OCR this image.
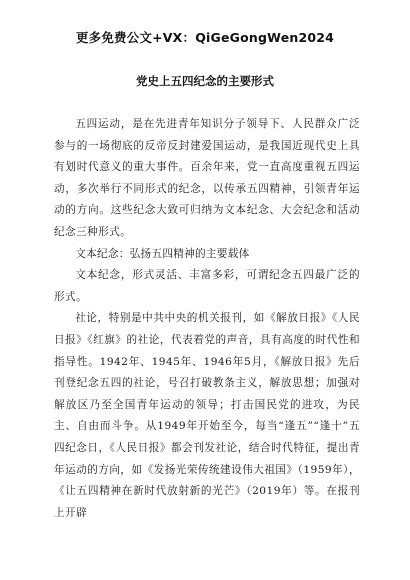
更多免费公文+VX：QiGeGongWen2024
党史上五四纪念的主要形式

五四运动，是在先进青年知识分子领导下、人民群众广泛参与的一场彻底的反帝反封建爱国运动，是我国近现代史上具有划时代意义的重大事件。百余年来，党一直高度重视五四运动，多次举行不同形式的纪念，以传承五四精神，引领青年运动的方向。这些纪念大致可归纳为文本纪念、大会纪念和活动纪念三种形式。

文本纪念：弘扬五四精神的主要载体

文本纪念，形式灵活、丰富多彩，可谓纪念五四最广泛的形式。

社论，特别是中共中央的机关报刊，如《解放日报》《人民日报》《红旗》的社论，代表着党的声音，具有高度的时代性和指导性。1942年、1945年、1946年5月，《解放日报》先后刊登纪念五四的社论，号召打破教条主义，解放思想；加强对解放区乃至全国青年运动的领导；打击国民党的进攻，为民主、自由而斗争。从1949年开始至今，每当“逢五”“逢十”五四纪念日，《人民日报》都会刊发社论，结合时代特征，提出青年运动的方向，如《发扬光荣传统建设伟大祖国》（1959年），《让五四精神在新时代放射新的光芒》（2019年）等。在报刊上开辟
